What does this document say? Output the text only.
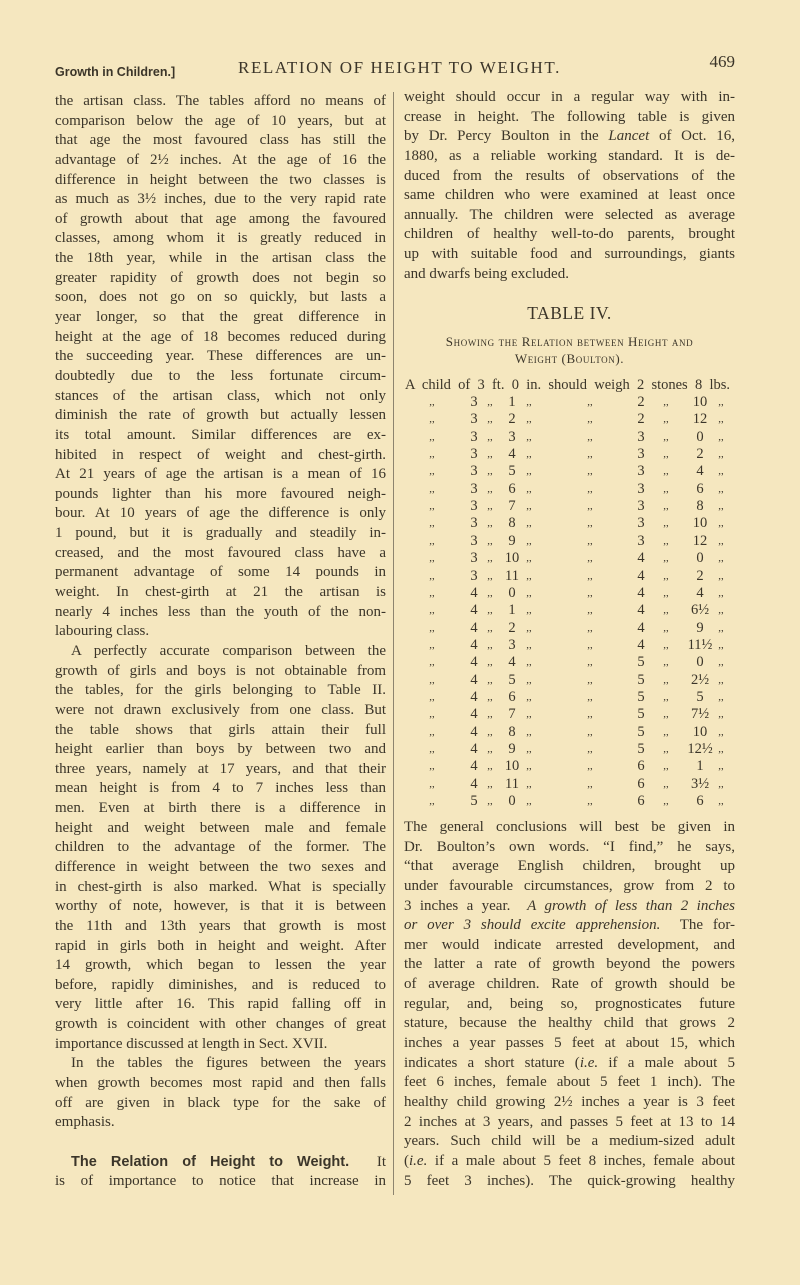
Growth in Children.]	RELATION OF HEIGHT TO WEIGHT.	469
the artisan class. The tables afford no means of
comparison below the age of 10 years, but at
that age the most favoured class has still the
advantage of 2½ inches. At the age of 16 the
difference in height between the two classes is
as much as 3½ inches, due to the very rapid rate
of growth about that age among the favoured
classes, among whom it is greatly reduced in
the 18th year, while in the artisan class the
greater rapidity of growth does not begin so
soon, does not go on so quickly, but lasts a
year longer, so that the great difference in
height at the age of 18 becomes reduced during
the succeeding year. These differences are un-
doubtedly due to the less fortunate circum-
stances of the artisan class, which not only
diminish the rate of growth but actually lessen
its total amount. Similar differences are ex-
hibited in respect of weight and chest-girth.
At 21 years of age the artisan is a mean of 16
pounds lighter than his more favoured neigh-
bour. At 10 years of age the difference is only
1 pound, but it is gradually and steadily in-
creased, and the most favoured class have a
permanent advantage of some 14 pounds in
weight. In chest-girth at 21 the artisan is
nearly 4 inches less than the youth of the non-
labouring class.
A perfectly accurate comparison between the
growth of girls and boys is not obtainable from
the tables, for the girls belonging to Table II.
were not drawn exclusively from one class. But
the table shows that girls attain their full
height earlier than boys by between two and
three years, namely at 17 years, and that their
mean height is from 4 to 7 inches less than
men. Even at birth there is a difference in
height and weight between male and female
children to the advantage of the former. The
difference in weight between the two sexes and
in chest-girth is also marked. What is specially
worthy of note, however, is that it is between
the 11th and 13th years that growth is most
rapid in girls both in height and weight. After
14 growth, which began to lessen the year
before, rapidly diminishes, and is reduced to
very little after 16. This rapid falling off in
growth is coincident with other changes of great
importance discussed at length in Sect. XVII.
In the tables the figures between the years
when growth becomes most rapid and then falls
off are given in black type for the sake of
emphasis.
The Relation of Height to Weight.  It
is of importance to notice that increase in
weight should occur in a regular way with in-
crease in height. The following table is given
by Dr. Percy Boulton in the Lancet of Oct. 16,
1880, as a reliable working standard. It is de-
duced from the results of observations of the
same children who were examined at least once
annually. The children were selected as average
children of healthy well-to-do parents, brought
up with suitable food and surroundings, giants
and dwarfs being excluded.
TABLE IV.
Showing the Relation between Height and
Weight (Boulton).
A child of 3 ft. 0 in. should weigh 2 stones 8 lbs.
,, 3 ,, 1 ,,	,,	2 ,, 10 ,,
,, 3 ,, 2 ,,	,,	2 ,, 12 ,,
,, 3 ,, 3 ,,	,,	3 ,, 0 ,,
,, 3 ,, 4 ,,	,,	3 ,, 2 ,,
,, 3 ,, 5 ,,	,,	3 ,, 4 ,,
,, 3 ,, 6 ,,	,,	3 ,, 6 ,,
,, 3 ,, 7 ,,	,,	3 ,, 8 ,,
,, 3 ,, 8 ,,	,,	3 ,, 10 ,,
,, 3 ,, 9 ,,	,,	3 ,, 12 ,,
,, 3 ,, 10 ,,	,,	4 ,, 0 ,,
,, 3 ,, 11 ,,	,,	4 ,, 2 ,,
,, 4 ,, 0 ,,	,,	4 ,, 4 ,,
,, 4 ,, 1 ,,	,,	4 ,, 6½ ,,
,, 4 ,, 2 ,,	,,	4 ,, 9 ,,
,, 4 ,, 3 ,,	,,	4 ,, 11½ ,,
,, 4 ,, 4 ,,	,,	5 ,, 0 ,,
,, 4 ,, 5 ,,	,,	5 ,, 2½ ,,
,, 4 ,, 6 ,,	,,	5 ,, 5 ,,
,, 4 ,, 7 ,,	,,	5 ,, 7½ ,,
,, 4 ,, 8 ,,	,,	5 ,, 10 ,,
,, 4 ,, 9 ,,	,,	5 ,, 12½ ,,
,, 4 ,, 10 ,,	,,	6 ,, 1 ,,
,, 4 ,, 11 ,,	,,	6 ,, 3½ ,,
,, 5 ,, 0 ,,	,,	6 ,, 6 ,,
The general conclusions will best be given in
Dr. Boulton’s own words. “I find,” he says,
“that average English children, brought up
under favourable circumstances, grow from 2 to
3 inches a year.  A growth of less than 2 inches
or over 3 should excite apprehension.  The for-
mer would indicate arrested development, and
the latter a rate of growth beyond the powers
of average children. Rate of growth should be
regular, and, being so, prognosticates future
stature, because the healthy child that grows 2
inches a year passes 5 feet at about 15, which
indicates a short stature (i.e. if a male about 5
feet 6 inches, female about 5 feet 1 inch). The
healthy child growing 2½ inches a year is 3 feet
2 inches at 3 years, and passes 5 feet at 13 to 14
years. Such child will be a medium-sized adult
(i.e. if a male about 5 feet 8 inches, female about
5 feet 3 inches). The quick-growing healthy
